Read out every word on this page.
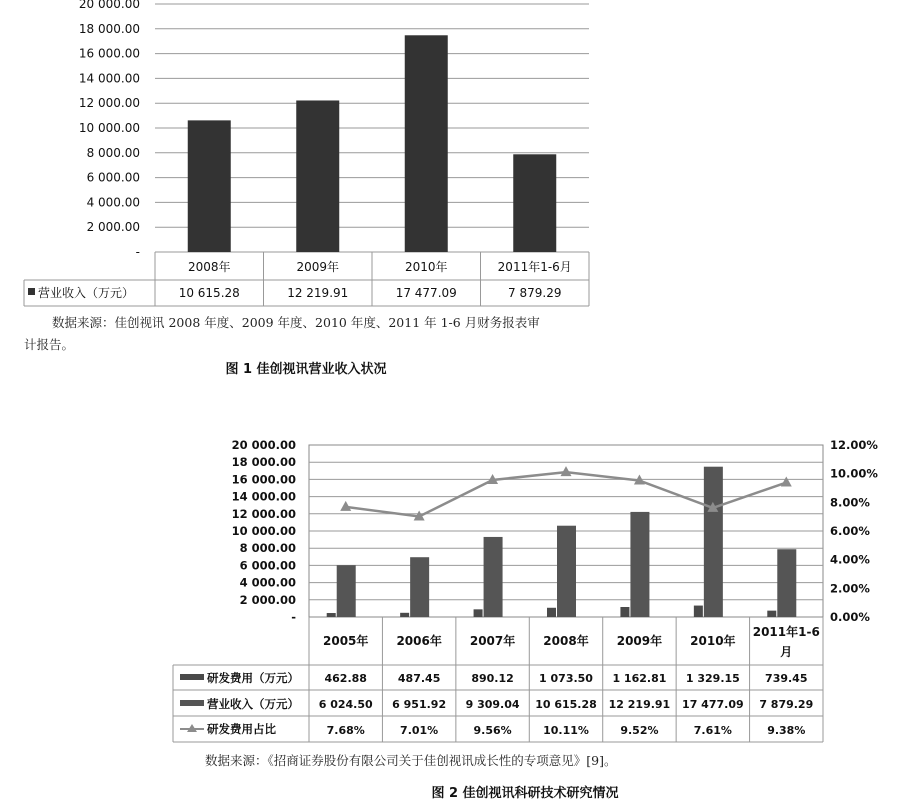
-
2 000.00
4 000.00
6 000.00
8 000.00
10 000.00
12 000.00
14 000.00
16 000.00
18 000.00
20 000.00
2008年
10 615.28
2009年
12 219.91
2010年
17 477.09
2011年1-6月
7 879.29
营业收入（万元）
数据来源：佳创视讯 2008 年度、2009 年度、2010 年度、2011 年 1-6 月财务报表审
计报告。
图 1 佳创视讯营业收入状况
-
2 000.00
4 000.00
6 000.00
8 000.00
10 000.00
12 000.00
14 000.00
16 000.00
18 000.00
20 000.00
0.00%
2.00%
4.00%
6.00%
8.00%
10.00%
12.00%
2005年
462.88
6 024.50
7.68%
2006年
487.45
6 951.92
7.01%
2007年
890.12
9 309.04
9.56%
2008年
1 073.50
10 615.28
10.11%
2009年
1 162.81
12 219.91
9.52%
2010年
1 329.15
17 477.09
7.61%
2011年1-6
月
739.45
7 879.29
9.38%
研发费用（万元）
营业收入（万元）
研发费用占比
数据来源：《招商证券股份有限公司关于佳创视讯成长性的专项意见》[9]。
图 2 佳创视讯科研技术研究情况
